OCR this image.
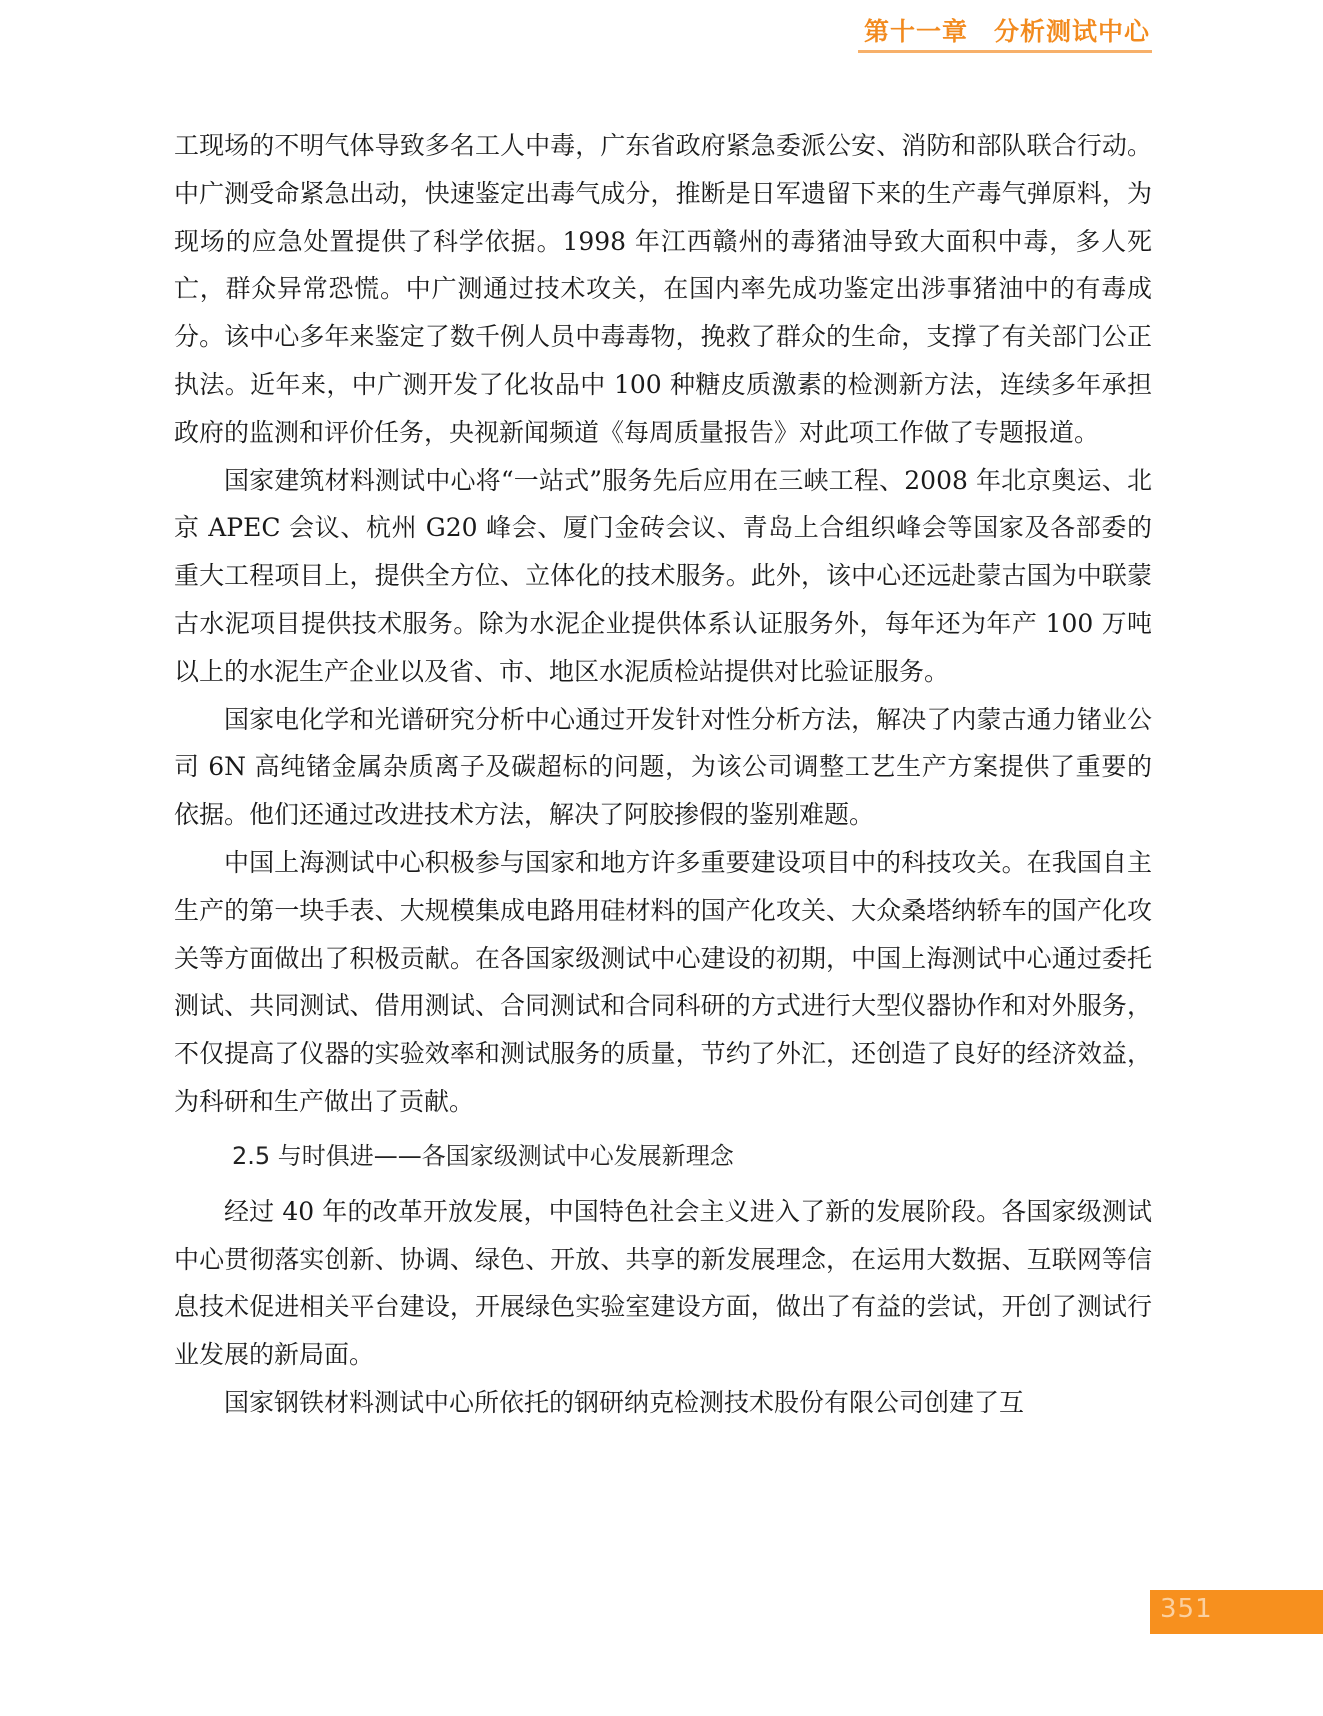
第十一章 分析测试中心

工现场的不明气体导致多名工人中毒，广东省政府紧急委派公安、消防和部队联合行动。中广测受命紧急出动，快速鉴定出毒气成分，推断是日军遗留下来的生产毒气弹原料，为现场的应急处置提供了科学依据。1998 年江西赣州的毒猪油导致大面积中毒，多人死亡，群众异常恐慌。中广测通过技术攻关，在国内率先成功鉴定出涉事猪油中的有毒成分。该中心多年来鉴定了数千例人员中毒毒物，挽救了群众的生命，支撑了有关部门公正执法。近年来，中广测开发了化妆品中 100 种糖皮质激素的检测新方法，连续多年承担政府的监测和评价任务，央视新闻频道《每周质量报告》对此项工作做了专题报道。

国家建筑材料测试中心将“一站式”服务先后应用在三峡工程、2008 年北京奥运、北京 APEC 会议、杭州 G20 峰会、厦门金砖会议、青岛上合组织峰会等国家及各部委的重大工程项目上，提供全方位、立体化的技术服务。此外，该中心还远赴蒙古国为中联蒙古水泥项目提供技术服务。除为水泥企业提供体系认证服务外，每年还为年产 100 万吨以上的水泥生产企业以及省、市、地区水泥质检站提供对比验证服务。

国家电化学和光谱研究分析中心通过开发针对性分析方法，解决了内蒙古通力锗业公司 6N 高纯锗金属杂质离子及碳超标的问题，为该公司调整工艺生产方案提供了重要的依据。他们还通过改进技术方法，解决了阿胶掺假的鉴别难题。

中国上海测试中心积极参与国家和地方许多重要建设项目中的科技攻关。在我国自主生产的第一块手表、大规模集成电路用硅材料的国产化攻关、大众桑塔纳轿车的国产化攻关等方面做出了积极贡献。在各国家级测试中心建设的初期，中国上海测试中心通过委托测试、共同测试、借用测试、合同测试和合同科研的方式进行大型仪器协作和对外服务，不仅提高了仪器的实验效率和测试服务的质量，节约了外汇，还创造了良好的经济效益，为科研和生产做出了贡献。

2.5 与时俱进——各国家级测试中心发展新理念

经过 40 年的改革开放发展，中国特色社会主义进入了新的发展阶段。各国家级测试中心贯彻落实创新、协调、绿色、开放、共享的新发展理念，在运用大数据、互联网等信息技术促进相关平台建设，开展绿色实验室建设方面，做出了有益的尝试，开创了测试行业发展的新局面。

国家钢铁材料测试中心所依托的钢研纳克检测技术股份有限公司创建了互

351
